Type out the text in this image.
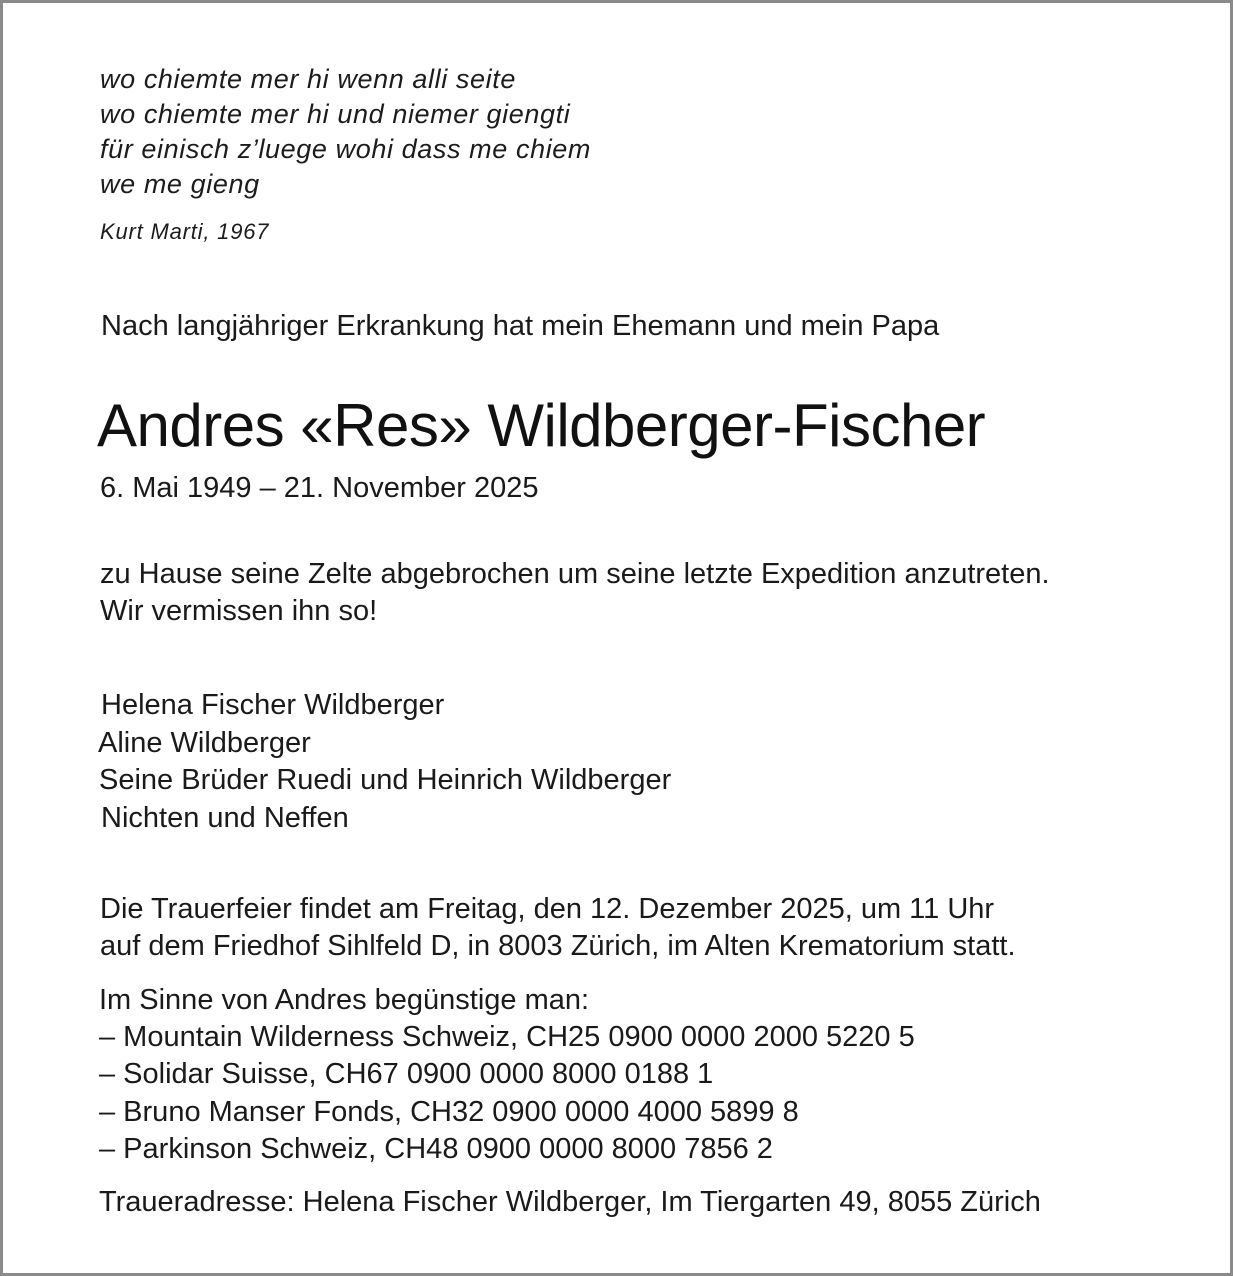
wo chiemte mer hi wenn alli seite

wo chiemte mer hi und niemer giengti

für einisch z’luege wohi dass me chiem

we me gieng

Kurt Marti, 1967

Nach langjähriger Erkrankung hat mein Ehemann und mein Papa

Andres «Res» Wildberger-Fischer

6. Mai 1949 – 21. November 2025

zu Hause seine Zelte abgebrochen um seine letzte Expedition anzutreten.

Wir vermissen ihn so!

Helena Fischer Wildberger

Aline Wildberger

Seine Brüder Ruedi und Heinrich Wildberger

Nichten und Neffen

Die Trauerfeier findet am Freitag, den 12. Dezember 2025, um 11 Uhr

auf dem Friedhof Sihlfeld D, in 8003 Zürich, im Alten Krematorium statt.

Im Sinne von Andres begünstige man:

– Mountain Wilderness Schweiz, CH25 0900 0000 2000 5220 5

– Solidar Suisse, CH67 0900 0000 8000 0188 1

– Bruno Manser Fonds, CH32 0900 0000 4000 5899 8

– Parkinson Schweiz, CH48 0900 0000 8000 7856 2

Traueradresse: Helena Fischer Wildberger, Im Tiergarten 49, 8055 Zürich
